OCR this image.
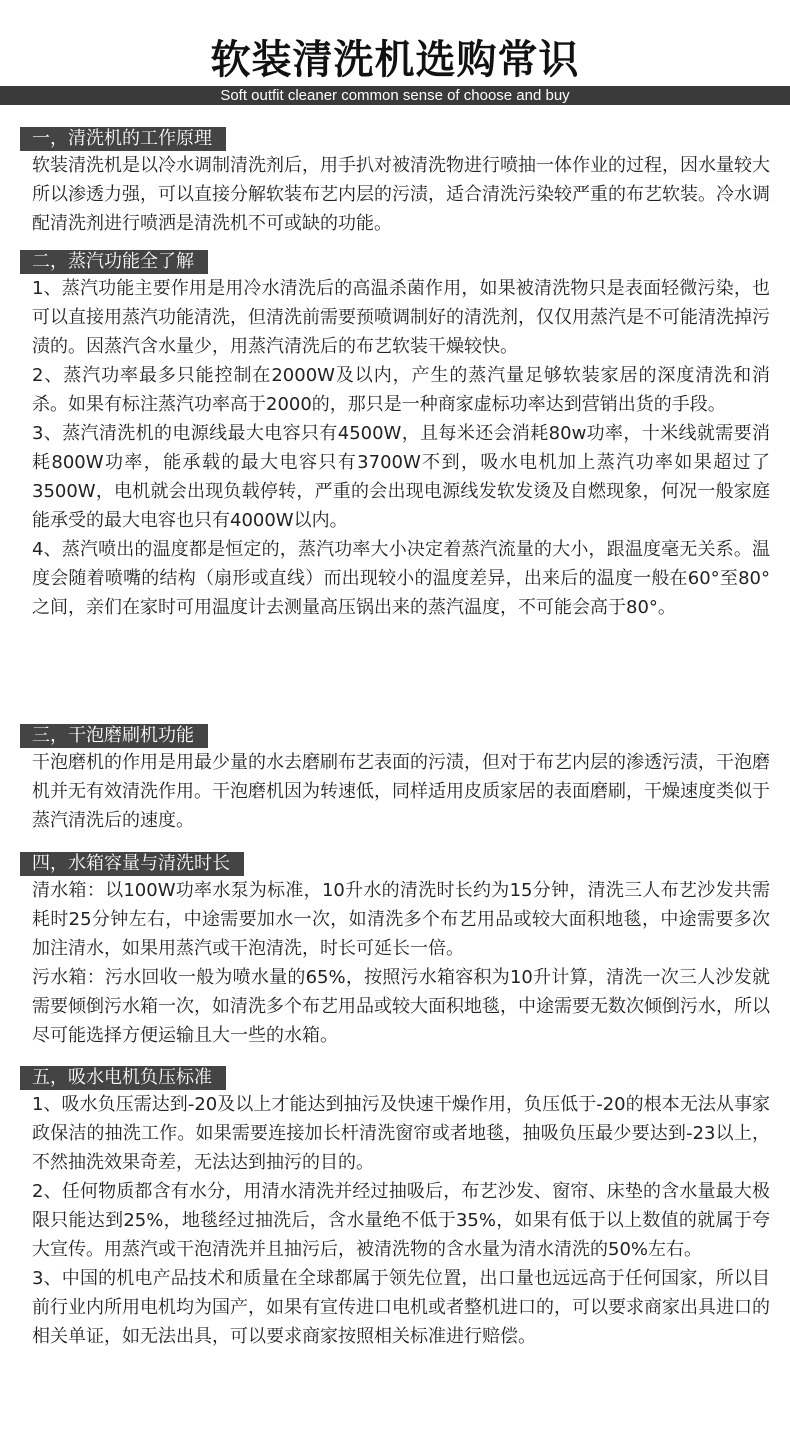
软装清洗机选购常识
Soft outfit cleaner common sense of choose and buy
一，清洗机的工作原理

软装清洗机是以冷水调制清洗剂后，用手扒对被清洗物进行喷抽一体作业的过程，因水量较大所以渗透力强，可以直接分解软装布艺内层的污渍，适合清洗污染较严重的布艺软装。冷水调配清洗剂进行喷洒是清洗机不可或缺的功能。

二，蒸汽功能全了解

1、蒸汽功能主要作用是用冷水清洗后的高温杀菌作用，如果被清洗物只是表面轻微污染，也可以直接用蒸汽功能清洗，但清洗前需要预喷调制好的清洗剂，仅仅用蒸汽是不可能清洗掉污渍的。因蒸汽含水量少，用蒸汽清洗后的布艺软装干燥较快。

2、蒸汽功率最多只能控制在2000W及以内，产生的蒸汽量足够软装家居的深度清洗和消杀。如果有标注蒸汽功率高于2000的，那只是一种商家虚标功率达到营销出货的手段。

3、蒸汽清洗机的电源线最大电容只有4500W，且每米还会消耗80w功率，十米线就需要消耗800W功率，能承载的最大电容只有3700W不到，吸水电机加上蒸汽功率如果超过了3500W，电机就会出现负载停转，严重的会出现电源线发软发烫及自燃现象，何况一般家庭能承受的最大电容也只有4000W以内。

4、蒸汽喷出的温度都是恒定的，蒸汽功率大小决定着蒸汽流量的大小，跟温度毫无关系。温度会随着喷嘴的结构（扇形或直线）而出现较小的温度差异，出来后的温度一般在60°至80°之间，亲们在家时可用温度计去测量高压锅出来的蒸汽温度，不可能会高于80°。

三，干泡磨刷机功能

干泡磨机的作用是用最少量的水去磨刷布艺表面的污渍，但对于布艺内层的渗透污渍，干泡磨机并无有效清洗作用。干泡磨机因为转速低，同样适用皮质家居的表面磨刷，干燥速度类似于蒸汽清洗后的速度。

四，水箱容量与清洗时长

清水箱：以100W功率水泵为标准，10升水的清洗时长约为15分钟，清洗三人布艺沙发共需耗时25分钟左右，中途需要加水一次，如清洗多个布艺用品或较大面积地毯，中途需要多次加注清水，如果用蒸汽或干泡清洗，时长可延长一倍。

污水箱：污水回收一般为喷水量的65%，按照污水箱容积为10升计算，清洗一次三人沙发就需要倾倒污水箱一次，如清洗多个布艺用品或较大面积地毯，中途需要无数次倾倒污水，所以尽可能选择方便运输且大一些的水箱。

五，吸水电机负压标准

1、吸水负压需达到-20及以上才能达到抽污及快速干燥作用，负压低于-20的根本无法从事家政保洁的抽洗工作。如果需要连接加长杆清洗窗帘或者地毯，抽吸负压最少要达到-23以上，不然抽洗效果奇差，无法达到抽污的目的。

2、任何物质都含有水分，用清水清洗并经过抽吸后，布艺沙发、窗帘、床垫的含水量最大极限只能达到25%，地毯经过抽洗后，含水量绝不低于35%，如果有低于以上数值的就属于夸大宣传。用蒸汽或干泡清洗并且抽污后，被清洗物的含水量为清水清洗的50%左右。

3、中国的机电产品技术和质量在全球都属于领先位置，出口量也远远高于任何国家，所以目前行业内所用电机均为国产，如果有宣传进口电机或者整机进口的，可以要求商家出具进口的相关单证，如无法出具，可以要求商家按照相关标准进行赔偿。
